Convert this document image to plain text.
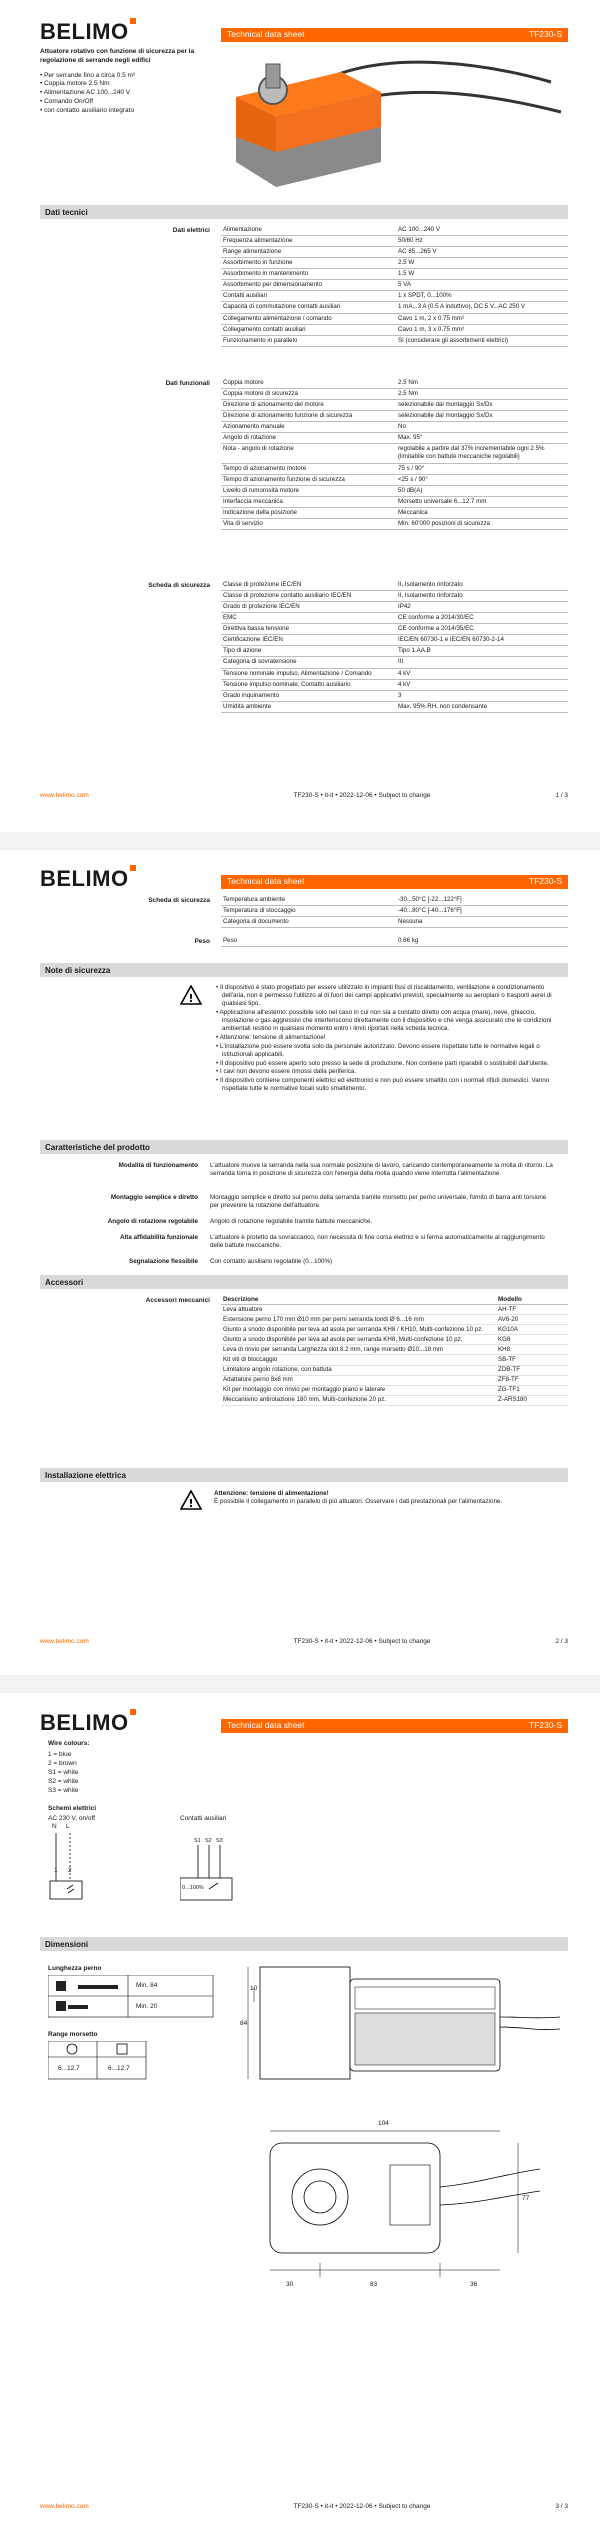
BELIMO	Technical data sheet	TF230-S
Attuatore rotativo con funzione di sicurezza per la regolazione di serrande negli edifici
• Per serrande fino a circa 0.5 m²
• Coppia motore 2.5 Nm
• Alimentazione AC 100...240 V
• Comando On/Off
• con contatto ausiliario integrato
Dati tecnici
Dati elettrici	Alimentazione	AC 100...240 V
Frequenza alimentazione	50/60 Hz
Range alimentazione	AC 85...265 V
Assorbimento in funzione	2.5 W
Assorbimento in mantenimento	1.5 W
Assorbimento per dimensionamento	5 VA
Contatti ausiliari	1 x SPDT, 0...100%
Capacità di commutazione contatti ausiliari	1 mA...3 A (0.5 A induttivo), DC 5 V...AC 250 V
Collegamento alimentazione / comando	Cavo 1 m, 2 x 0.75 mm²
Collegamento contatti ausiliari	Cavo 1 m, 3 x 0.75 mm²
Funzionamento in parallelo	Sì (considerare gli assorbimenti elettrici)
Dati funzionali	Coppia motore	2.5 Nm
Coppia motore di sicurezza	2.5 Nm
Direzione di azionamento del motore	selezionabile dal montaggio Sx/Dx
Direzione di azionamento funzione di sicurezza	selezionabile dal montaggio Sx/Dx
Azionamento manuale	No
Angolo di rotazione	Max. 95°
Nota - angolo di rotazione	regolabile a partire dal 37% incrementabile ogni 2.5% (limitabile con battute meccaniche regolabili)
Tempo di azionamento motore	75 s / 90°
Tempo di azionamento funzione di sicurezza	<25 s / 90°
Livello di rumorosità motore	50 dB(A)
Interfaccia meccanica	Morsetto universale 6...12.7 mm
Indicazione della posizione	Meccanica
Vita di servizio	Min. 60'000 posizioni di sicurezza
Scheda di sicurezza	Classe di protezione IEC/EN	II, Isolamento rinforzato
Classe di protezione contatto ausiliario IEC/EN	II, Isolamento rinforzato
Grado di protezione IEC/EN	IP42
EMC	CE conforme a 2014/30/EC
Direttiva bassa tensione	CE conforme a 2014/35/EC
Certificazione IEC/EN	IEC/EN 60730-1 e IEC/EN 60730-2-14
Tipo di azione	Tipo 1.AA.B
Categoria di sovratensione	III
Tensione nominale impulso, Alimentazione / Comando	4 kV
Tensione impulso nominale, Contatto ausiliario	4 kV
Grado inquinamento	3
Umidità ambiente	Max. 95% RH, non condensante
www.belimo.com	TF230-S • it-it • 2022-12-06 • Subject to change	1 / 3
BELIMO	Technical data sheet	TF230-S
Scheda di sicurezza	Temperatura ambiente	-30...50°C [-22...122°F]
Temperatura di stoccaggio	-40...80°C [-40...176°F]
Categoria di documento	Nessuna
Peso	Peso	0.66 kg
Note di sicurezza
!
• Il dispositivo è stato progettato per essere utilizzato in impianti fissi di riscaldamento, ventilazione e condizionamento dell'aria, non è permesso l'utilizzo al di fuori dei campi applicativi previsti, specialmente su aeroplani o trasporti aerei di qualsiasi tipo.
• Applicazione all'esterno: possibile solo nel caso in cui non sia a contatto diretto con acqua (mare), neve, ghiaccio, insolazione o gas aggressivi che interferiscono direttamente con il dispositivo e che venga assicurato che le condizioni ambientali restino in qualsiasi momento entro i limiti riportati nella scheda tecnica.
• Attenzione: tensione di alimentazione!
• L'installazione può essere svolta solo da personale autorizzato. Devono essere rispettate tutte le normative legali o istituzionali applicabili.
• Il dispositivo può essere aperto solo presso la sede di produzione. Non contiene parti riparabili o sostituibili dall'utente.
• I cavi non devono essere rimossi dalla periferica.
• Il dispositivo contiene componenti elettrici ed elettronici e non può essere smaltito con i normali rifiuti domestici. Vanno rispettate tutte le normative locali sullo smaltimento.
Caratteristiche del prodotto
Modalità di funzionamento	L'attuatore muove la serranda nella sua normale posizione di lavoro, caricando contemporaneamente la molla di ritorno. La serranda torna in posizione di sicurezza con l'energia della molla quando viene interrotta l'alimentazione.
Montaggio semplice e diretto	Montaggio semplice e diretto sul perno della serranda tramite morsetto per perno universale, fornito di barra anti torsione per prevenire la rotazione dell'attuatore.
Angolo di rotazione regolabile	Angolo di rotazione regolabile tramite battute meccaniche.
Alta affidabilità funzionale	L'attuatore è protetto da sovraccarico, non necessita di fine corsa elettrici e si ferma automaticamente al raggiungimento delle battute meccaniche.
Segnalazione flessibile	Con contatto ausiliario regolabile (0...100%)
Accessori
Accessori meccanici	Descrizione	Modello
Leva attuatore	AH-TF
Estensione perno 170 mm Ø10 mm per perni serranda tondi Ø 6...16 mm	AV6-20
Giunto a snodo disponibile per leva ad asola per serranda KH8 / KH10, Multi-confezione 10 pz.	KG10A
Giunto a snodo disponibile per leva ad asola per serranda KH8, Multi-confezione 10 pz.	KG8
Leva di rinvio per serranda Larghezza slot 8.2 mm, range morsetto Ø10...18 mm	KH8
Kit viti di bloccaggio	SB-TF
Limitatore angolo rotazione, con battuta	ZDB-TF
Adattatore perno 8x8 mm	ZF8-TF
Kit per montaggio con rinvio per montaggio piano e laterale	ZG-TF1
Meccanismo antirotazione 180 mm, Multi-confezione 20 pz.	Z-ARS180
Installazione elettrica
!
Attenzione: tensione di alimentazione!
È possibile il collegamento in parallelo di più attuatori. Osservare i dati prestazionali per l'alimentazione.
www.belimo.com	TF230-S • it-it • 2022-12-06 • Subject to change	2 / 3
BELIMO	Technical data sheet	TF230-S
Wire colours:
1 = blue
2 = brown
S1 = white
S2 = white
S3 = white
Schemi elettrici
AC 230 V, on/off	Contatti ausiliari
N L
1 2
S1 S2 S3
0...100%
Dimensioni
Lunghezza perno
Min. 84
Min. 20
Range morsetto
6...12.7	6...12.7
84
10
104
77
30	83	36
www.belimo.com	TF230-S • it-it • 2022-12-06 • Subject to change	3 / 3
